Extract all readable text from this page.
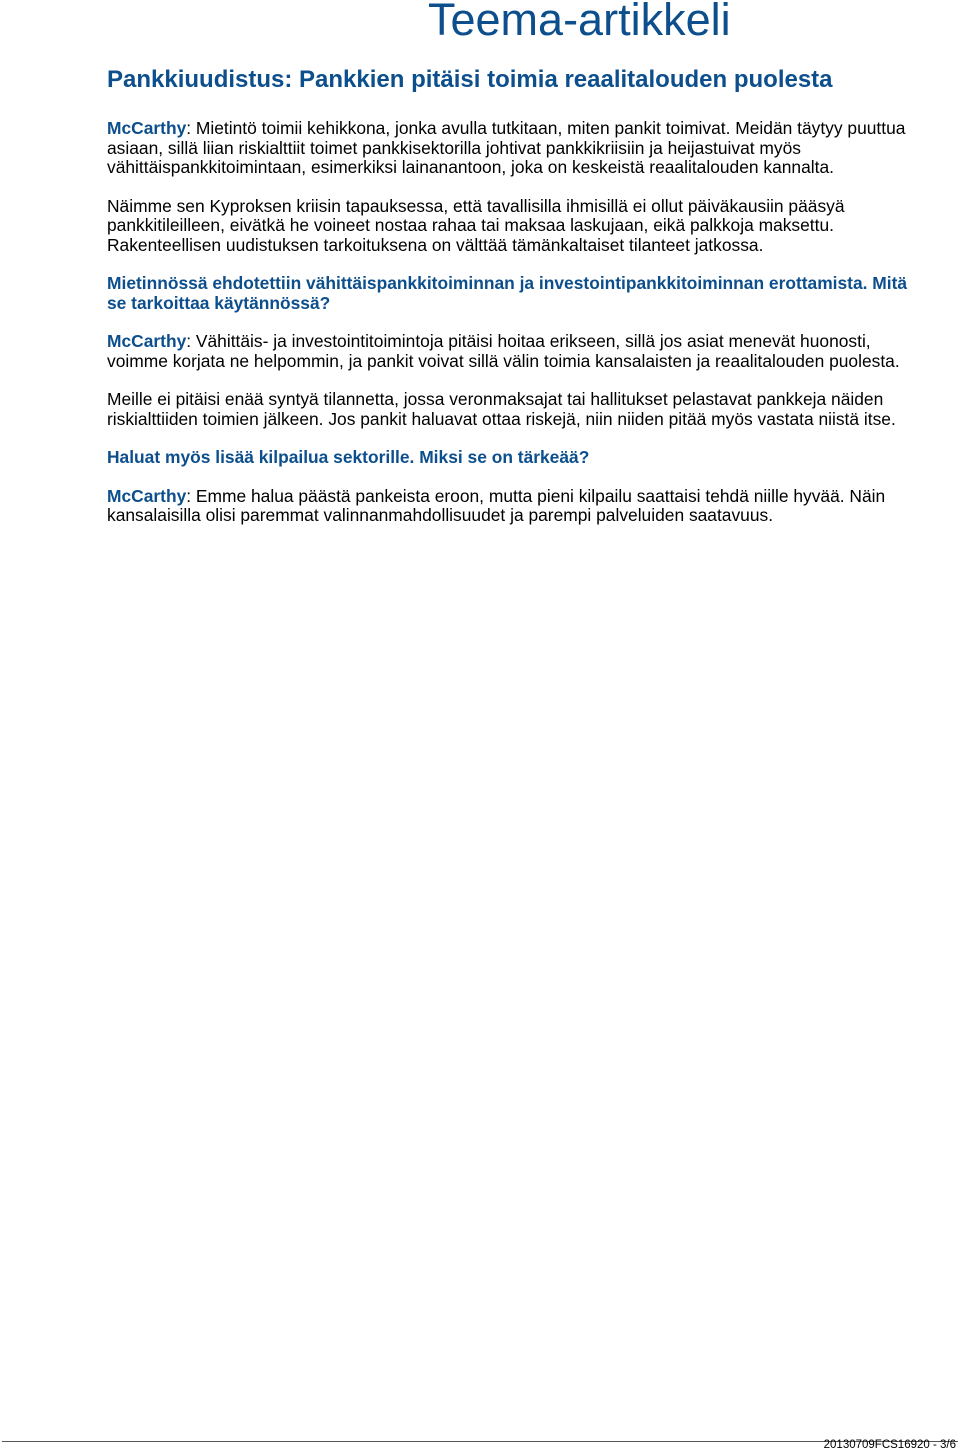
Teema-artikkeli
Pankkiuudistus: Pankkien pitäisi toimia reaalitalouden puolesta

McCarthy: Mietintö toimii kehikkona, jonka avulla tutkitaan, miten pankit toimivat. Meidän täytyy puuttua asiaan, sillä liian riskialttiit toimet pankkisektorilla johtivat pankkikriisiin ja heijastuivat myös vähittäispankkitoimintaan, esimerkiksi lainanantoon, joka on keskeistä reaalitalouden kannalta.

Näimme sen Kyproksen kriisin tapauksessa, että tavallisilla ihmisillä ei ollut päiväkausiin pääsyä pankkitileilleen, eivätkä he voineet nostaa rahaa tai maksaa laskujaan, eikä palkkoja maksettu. Rakenteellisen uudistuksen tarkoituksena on välttää tämänkaltaiset tilanteet jatkossa.

Mietinnössä ehdotettiin vähittäispankkitoiminnan ja investointipankkitoiminnan erottamista. Mitä se tarkoittaa käytännössä?

McCarthy: Vähittäis- ja investointitoimintoja pitäisi hoitaa erikseen, sillä jos asiat menevät huonosti, voimme korjata ne helpommin, ja pankit voivat sillä välin toimia kansalaisten ja reaalitalouden puolesta.

Meille ei pitäisi enää syntyä tilannetta, jossa veronmaksajat tai hallitukset pelastavat pankkeja näiden riskialttiiden toimien jälkeen. Jos pankit haluavat ottaa riskejä, niin niiden pitää myös vastata niistä itse.

Haluat myös lisää kilpailua sektorille. Miksi se on tärkeää?

McCarthy: Emme halua päästä pankeista eroon, mutta pieni kilpailu saattaisi tehdä niille hyvää. Näin kansalaisilla olisi paremmat valinnanmahdollisuudet ja parempi palveluiden saatavuus.

20130709FCS16920 - 3/6
